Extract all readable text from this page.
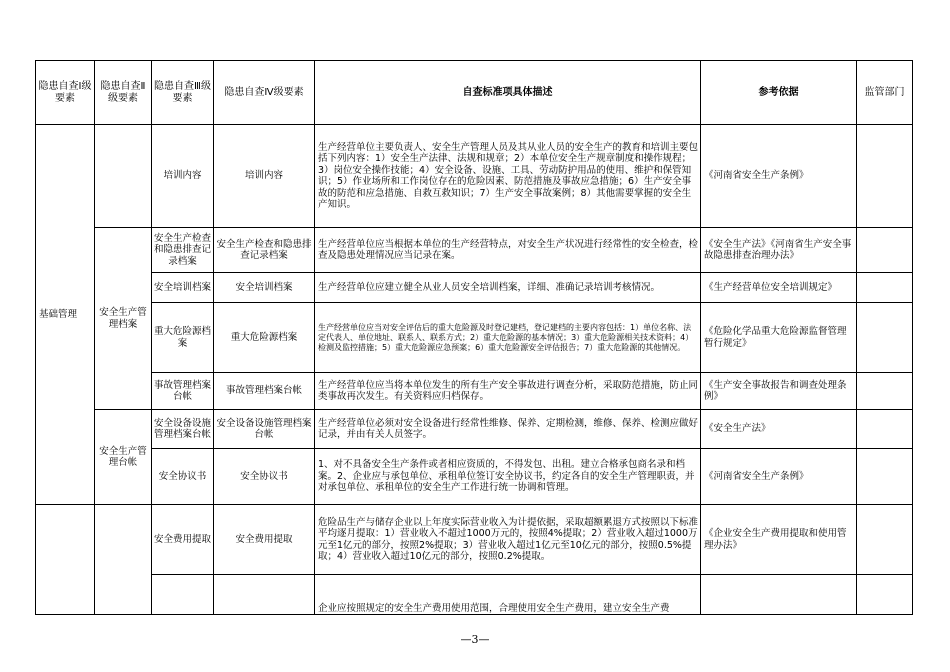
隐患自查Ⅰ级要素	隐患自查Ⅱ级要素	隐患自查Ⅲ级要素	隐患自查Ⅳ级要素	自查标准项具体描述	参考依据	监管部门
基础管理		培训内容	培训内容	生产经营单位主要负责人、安全生产管理人员及其从业人员的安全生产的教育和培训主要包括下列内容：1）安全生产法律、法规和规章；2）本单位安全生产规章制度和操作规程；3）岗位安全操作技能；4）安全设备、设施、工具、劳动防护用品的使用、维护和保管知识；5）作业场所和工作岗位存在的危险因素、防范措施及事故应急措施；6）生产安全事故的防范和应急措施、自救互救知识；7）生产安全事故案例；8）其他需要掌握的安全生产知识。	《河南省安全生产条例》	
	安全生产管理档案	安全生产检查和隐患排查记录档案	安全生产检查和隐患排查记录档案	生产经营单位应当根据本单位的生产经营特点，对安全生产状况进行经常性的安全检查，检查及隐患处理情况应当记录在案。	《安全生产法》《河南省生产安全事故隐患排查治理办法》	
		安全培训档案	安全培训档案	生产经营单位应建立健全从业人员安全培训档案，详细、准确记录培训考核情况。	《生产经营单位安全培训规定》	
		重大危险源档案	重大危险源档案	生产经营单位应当对安全评估后的重大危险源及时登记建档，登记建档的主要内容包括：1）单位名称、法定代表人、单位地址、联系人、联系方式；2）重大危险源的基本情况；3）重大危险源相关技术资料；4）检测及监控措施；5）重大危险源应急预案；6）重大危险源安全评估报告；7）重大危险源的其他情况。	《危险化学品重大危险源监督管理暂行规定》	
		事故管理档案台帐	事故管理档案台帐	生产经营单位应当将本单位发生的所有生产安全事故进行调查分析，采取防范措施，防止同类事故再次发生。有关资料应归档保存。	《生产安全事故报告和调查处理条例》	
	安全生产管理台帐	安全设备设施管理档案台帐	安全设备设施管理档案台帐	生产经营单位必须对安全设备进行经常性维修、保养、定期检测，维修、保养、检测应做好记录，并由有关人员签字。	《安全生产法》	
		安全协议书	安全协议书	1、对不具备安全生产条件或者相应资质的，不得发包、出租。建立合格承包商名录和档案。2、企业应与承包单位、承租单位签订安全协议书，约定各自的安全生产管理职责，并对承包单位、承租单位的安全生产工作进行统一协调和管理。	《河南省安全生产条例》	
		安全费用提取	安全费用提取	危险品生产与储存企业以上年度实际营业收入为计提依据，采取超额累退方式按照以下标准平均逐月提取：1）营业收入不超过1000万元的，按照4%提取；2）营业收入超过1000万元至1亿元的部分，按照2%提取；3）营业收入超过1亿元至10亿元的部分，按照0.5%提取；4）营业收入超过10亿元的部分，按照0.2%提取。	《企业安全生产费用提取和使用管理办法》	

				企业应按照规定的安全生产费用使用范围，合理使用安全生产费用，建立安全生产费		

—3—
